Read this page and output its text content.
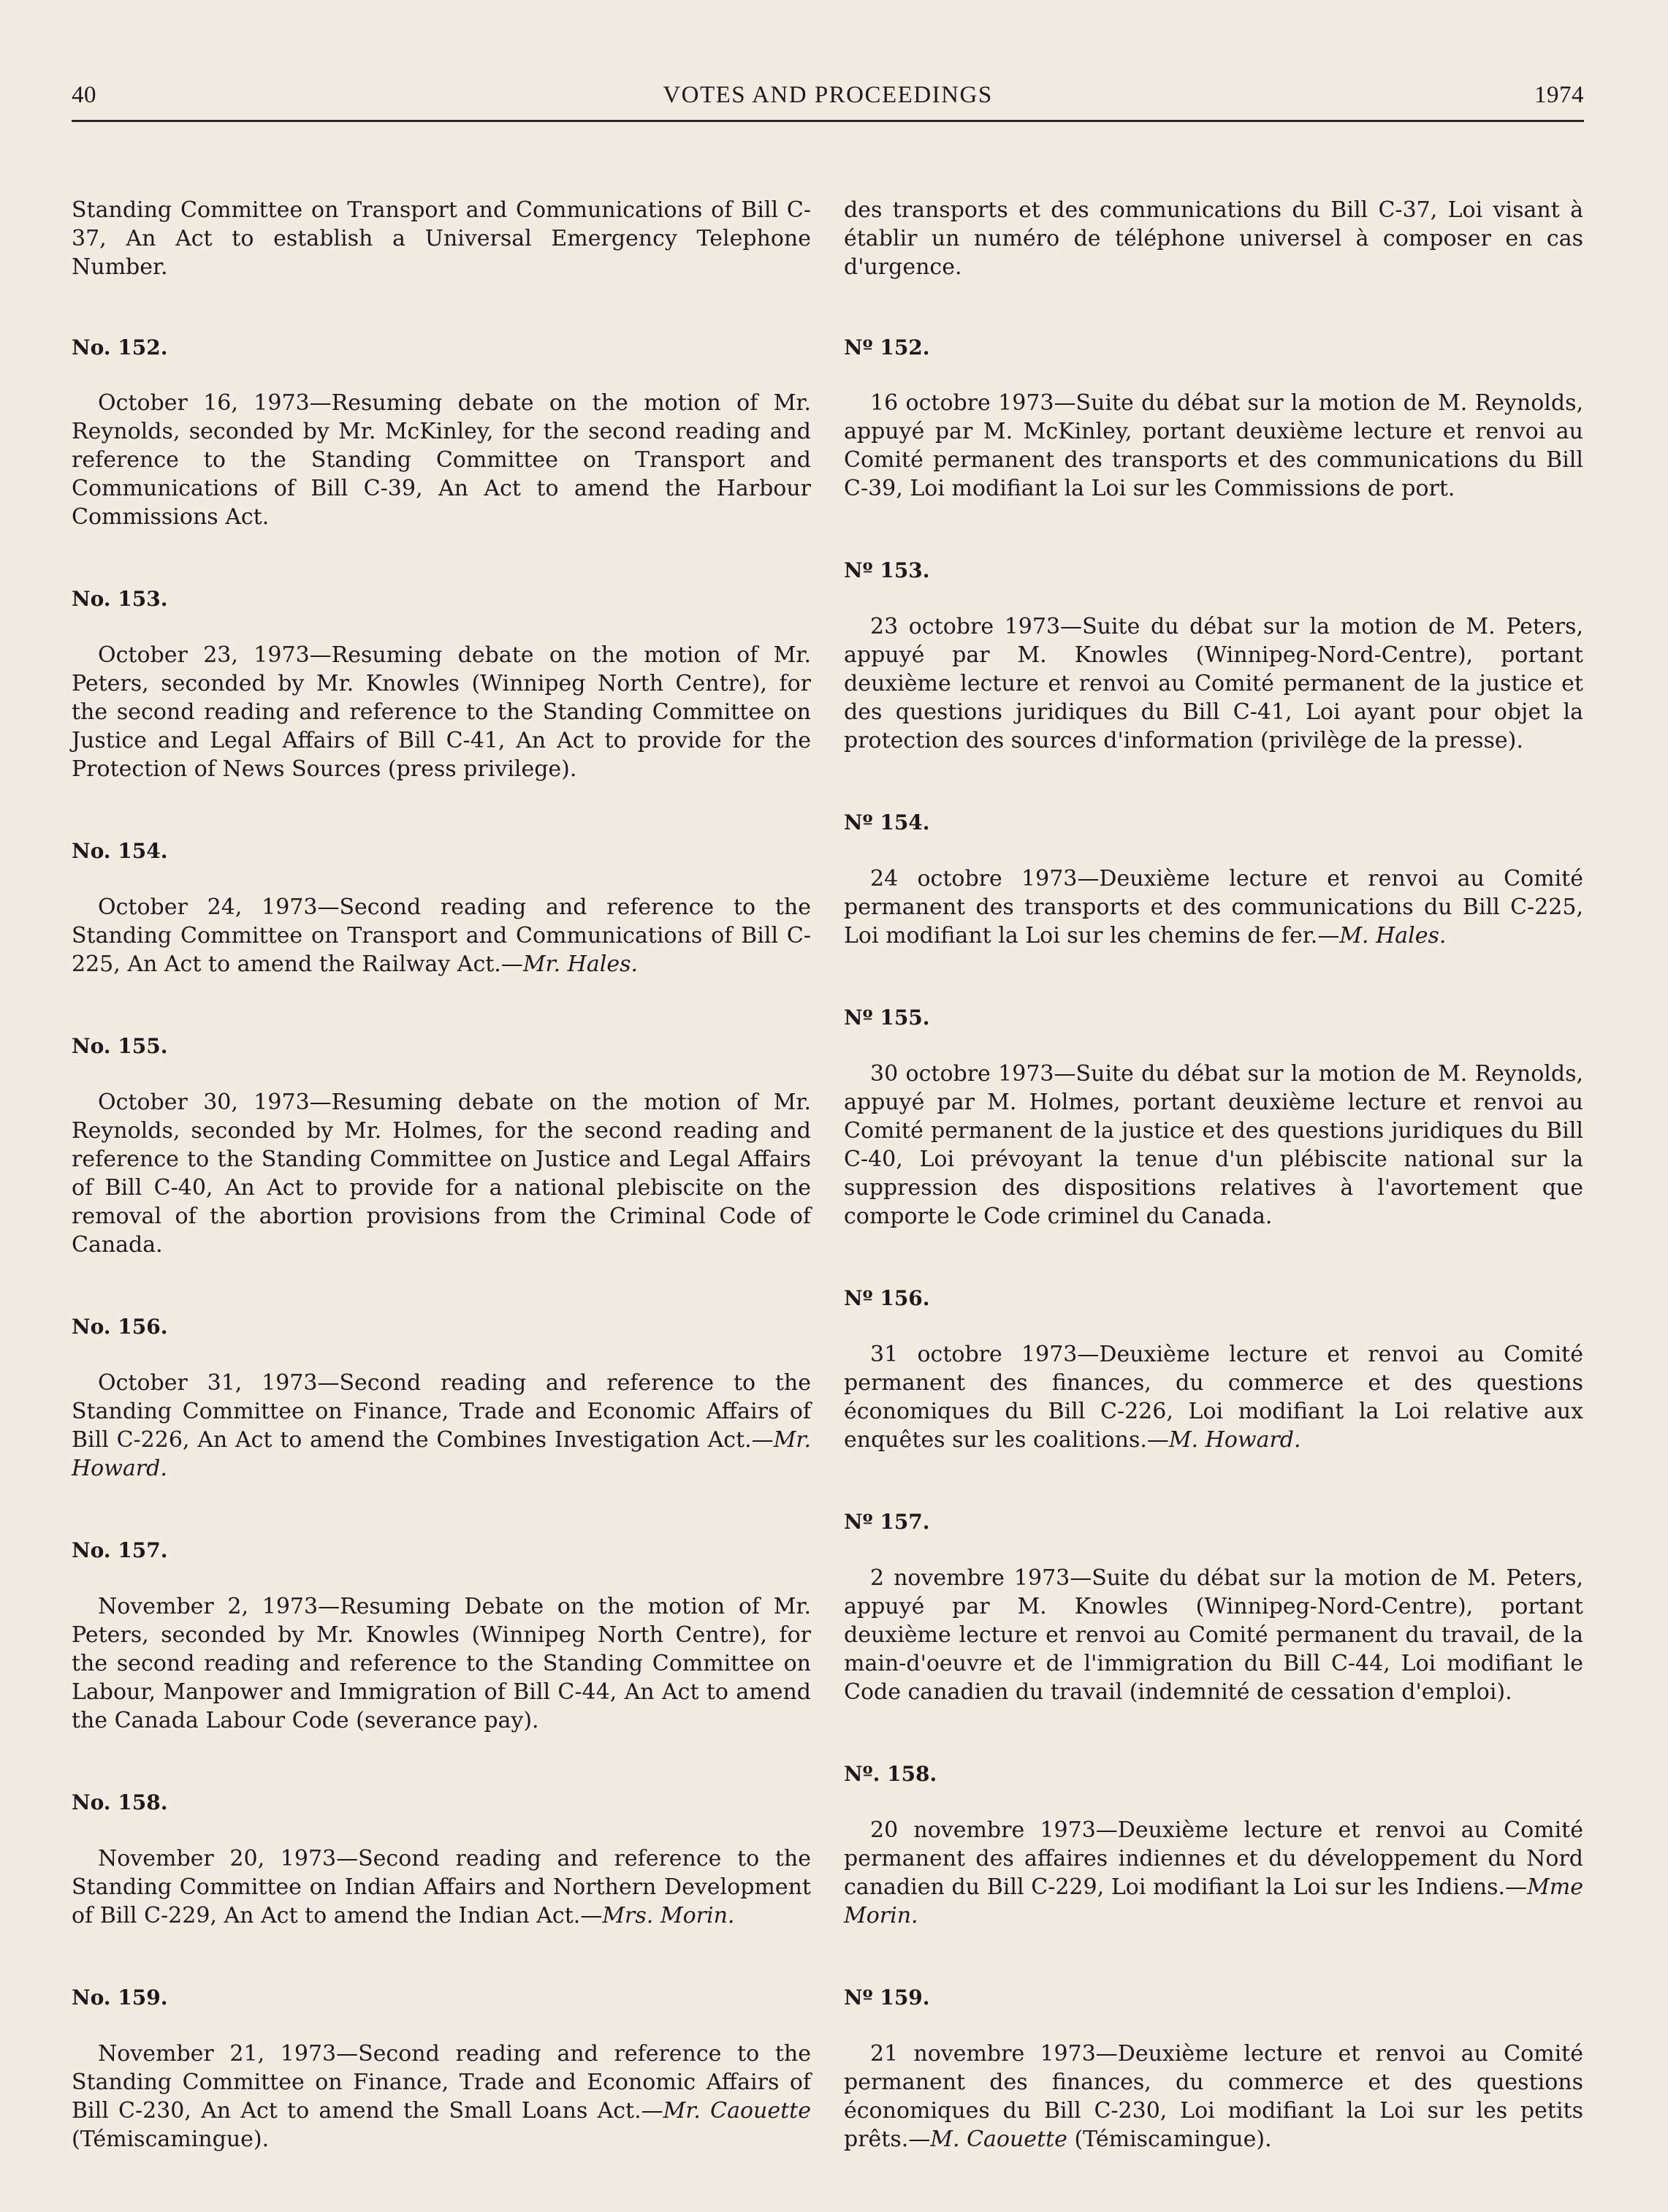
40	VOTES AND PROCEEDINGS	1974

Standing Committee on Transport and Communications of Bill C-37, An Act to establish a Universal Emergency Telephone Number.

No. 152.

October 16, 1973—Resuming debate on the motion of Mr. Reynolds, seconded by Mr. McKinley, for the second reading and reference to the Standing Committee on Transport and Communications of Bill C-39, An Act to amend the Harbour Commissions Act.

No. 153.

October 23, 1973—Resuming debate on the motion of Mr. Peters, seconded by Mr. Knowles (Winnipeg North Centre), for the second reading and reference to the Standing Committee on Justice and Legal Affairs of Bill C-41, An Act to provide for the Protection of News Sources (press privilege).

No. 154.

October 24, 1973—Second reading and reference to the Standing Committee on Transport and Communications of Bill C-225, An Act to amend the Railway Act.—Mr. Hales.

No. 155.

October 30, 1973—Resuming debate on the motion of Mr. Reynolds, seconded by Mr. Holmes, for the second reading and reference to the Standing Committee on Justice and Legal Affairs of Bill C-40, An Act to provide for a national plebiscite on the removal of the abortion provisions from the Criminal Code of Canada.

No. 156.

October 31, 1973—Second reading and reference to the Standing Committee on Finance, Trade and Economic Affairs of Bill C-226, An Act to amend the Combines Investigation Act.—Mr. Howard.

No. 157.

November 2, 1973—Resuming Debate on the motion of Mr. Peters, seconded by Mr. Knowles (Winnipeg North Centre), for the second reading and reference to the Standing Committee on Labour, Manpower and Immigration of Bill C-44, An Act to amend the Canada Labour Code (severance pay).

No. 158.

November 20, 1973—Second reading and reference to the Standing Committee on Indian Affairs and Northern Development of Bill C-229, An Act to amend the Indian Act.—Mrs. Morin.

No. 159.

November 21, 1973—Second reading and reference to the Standing Committee on Finance, Trade and Economic Affairs of Bill C-230, An Act to amend the Small Loans Act.—Mr. Caouette (Témiscamingue).

des transports et des communications du Bill C-37, Loi visant à établir un numéro de téléphone universel à composer en cas d'urgence.

Nº 152.

16 octobre 1973—Suite du débat sur la motion de M. Reynolds, appuyé par M. McKinley, portant deuxième lecture et renvoi au Comité permanent des transports et des communications du Bill C-39, Loi modifiant la Loi sur les Commissions de port.

Nº 153.

23 octobre 1973—Suite du débat sur la motion de M. Peters, appuyé par M. Knowles (Winnipeg-Nord-Centre), portant deuxième lecture et renvoi au Comité permanent de la justice et des questions juridiques du Bill C-41, Loi ayant pour objet la protection des sources d'information (privilège de la presse).

Nº 154.

24 octobre 1973—Deuxième lecture et renvoi au Comité permanent des transports et des communications du Bill C-225, Loi modifiant la Loi sur les chemins de fer.—M. Hales.

Nº 155.

30 octobre 1973—Suite du débat sur la motion de M. Reynolds, appuyé par M. Holmes, portant deuxième lecture et renvoi au Comité permanent de la justice et des questions juridiques du Bill C-40, Loi prévoyant la tenue d'un plébiscite national sur la suppression des dispositions relatives à l'avortement que comporte le Code criminel du Canada.

Nº 156.

31 octobre 1973—Deuxième lecture et renvoi au Comité permanent des finances, du commerce et des questions économiques du Bill C-226, Loi modifiant la Loi relative aux enquêtes sur les coalitions.—M. Howard.

Nº 157.

2 novembre 1973—Suite du débat sur la motion de M. Peters, appuyé par M. Knowles (Winnipeg-Nord-Centre), portant deuxième lecture et renvoi au Comité permanent du travail, de la main-d'oeuvre et de l'immigration du Bill C-44, Loi modifiant le Code canadien du travail (indemnité de cessation d'emploi).

Nº. 158.

20 novembre 1973—Deuxième lecture et renvoi au Comité permanent des affaires indiennes et du développement du Nord canadien du Bill C-229, Loi modifiant la Loi sur les Indiens.—Mme Morin.

Nº 159.

21 novembre 1973—Deuxième lecture et renvoi au Comité permanent des finances, du commerce et des questions économiques du Bill C-230, Loi modifiant la Loi sur les petits prêts.—M. Caouette (Témiscamingue).
